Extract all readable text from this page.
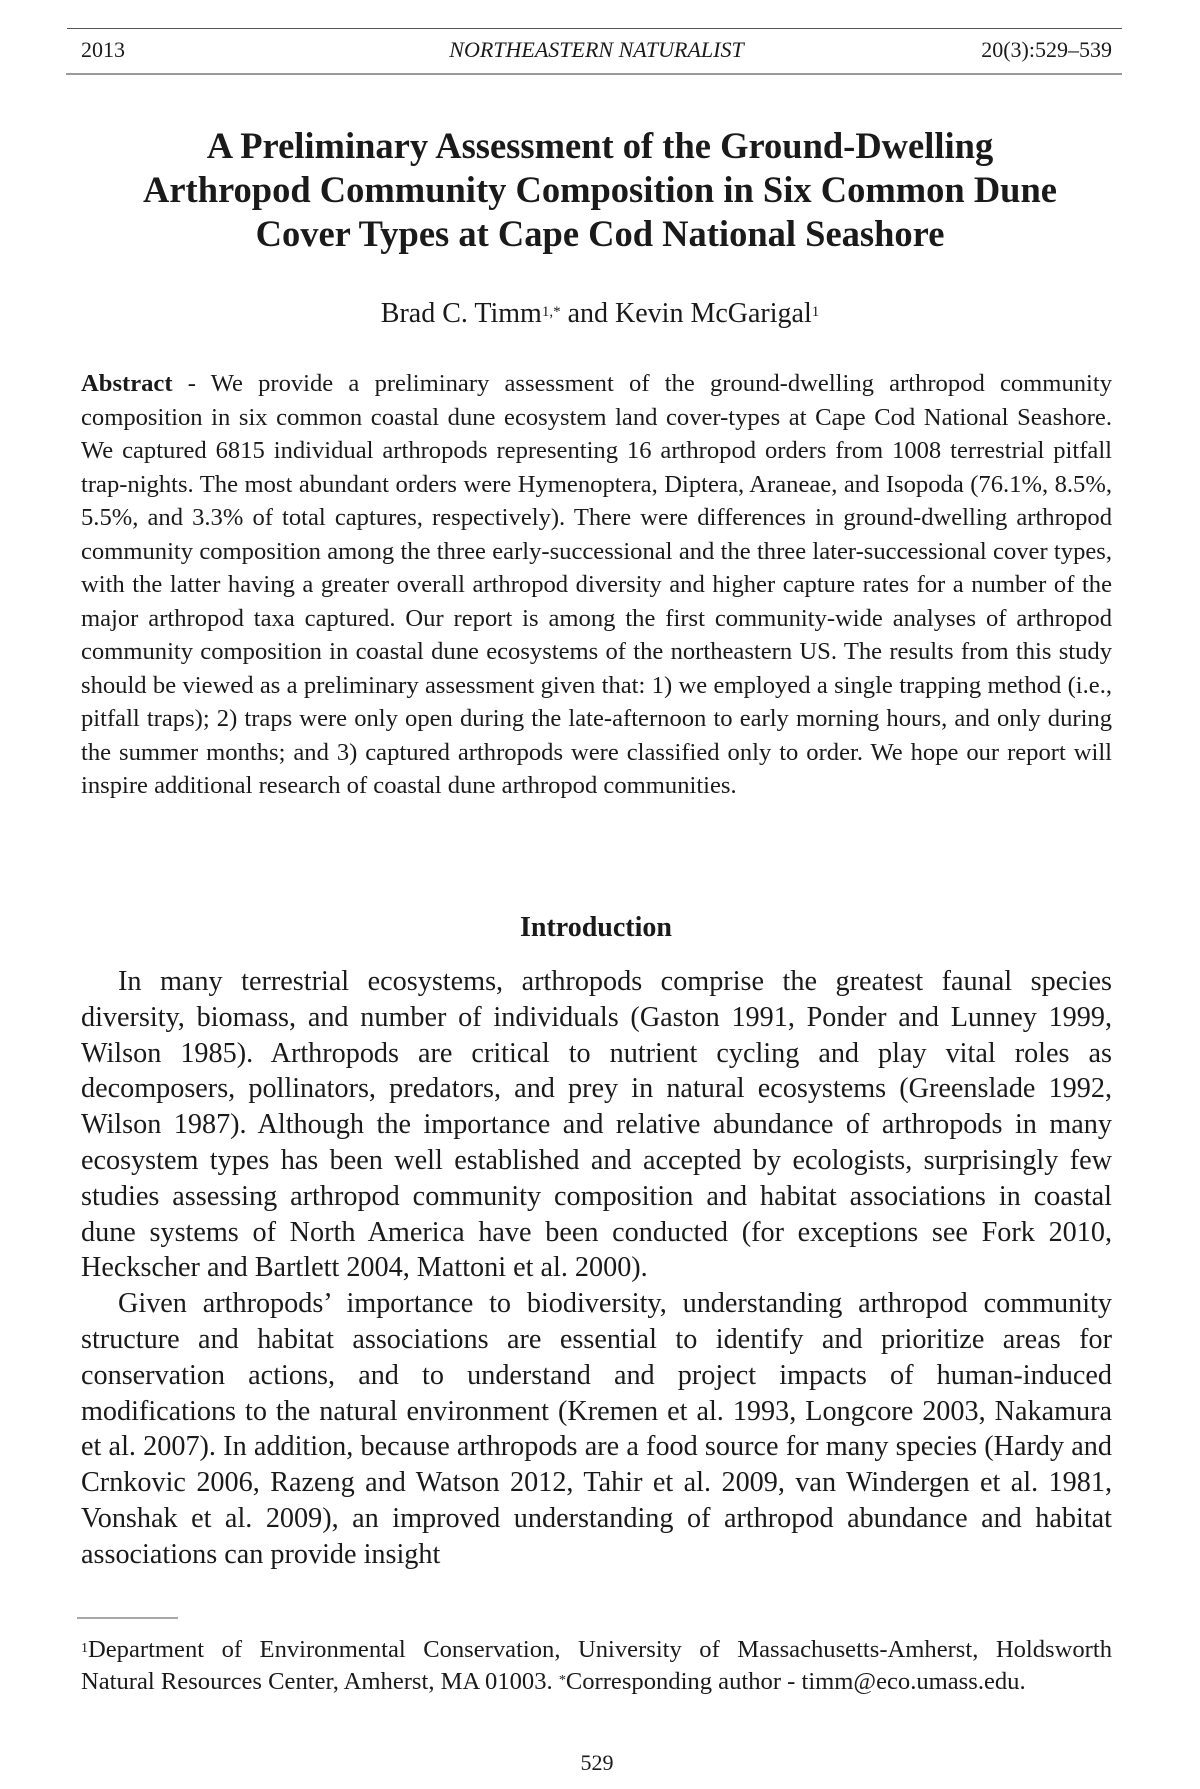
2013	NORTHEASTERN NATURALIST	20(3):529–539
A Preliminary Assessment of the Ground-Dwelling
Arthropod Community Composition in Six Common Dune
Cover Types at Cape Cod National Seashore
Brad C. Timm$^{1,*}$ and Kevin McGarigal$^1$

Abstract - We provide a preliminary assessment of the ground-dwelling arthropod community composition in six common coastal dune ecosystem land cover-types at Cape Cod National Seashore. We captured 6815 individual arthropods representing 16 arthropod orders from 1008 terrestrial pitfall trap-nights. The most abundant orders were Hymenoptera, Diptera, Araneae, and Isopoda (76.1%, 8.5%, 5.5%, and 3.3% of total captures, respectively). There were differences in ground-dwelling arthropod community composition among the three early-successional and the three later-successional cover types, with the latter having a greater overall arthropod diversity and higher capture rates for a number of the major arthropod taxa captured. Our report is among the first community-wide analyses of arthropod community composition in coastal dune ecosystems of the northeastern US. The results from this study should be viewed as a preliminary assessment given that: 1) we employed a single trapping method (i.e., pitfall traps); 2) traps were only open during the late-afternoon to early morning hours, and only during the summer months; and 3) captured arthropods were classified only to order. We hope our report will inspire additional research of coastal dune arthropod communities.

Introduction

In many terrestrial ecosystems, arthropods comprise the greatest faunal species diversity, biomass, and number of individuals (Gaston 1991, Ponder and Lunney 1999, Wilson 1985). Arthropods are critical to nutrient cycling and play vital roles as decomposers, pollinators, predators, and prey in natural ecosystems (Greenslade 1992, Wilson 1987). Although the importance and relative abundance of arthropods in many ecosystem types has been well established and accepted by ecologists, surprisingly few studies assessing arthropod community composition and habitat associations in coastal dune systems of North America have been conducted (for exceptions see Fork 2010, Heckscher and Bartlett 2004, Mattoni et al. 2000).

Given arthropods’ importance to biodiversity, understanding arthropod community structure and habitat associations are essential to identify and prioritize areas for conservation actions, and to understand and project impacts of human-induced modifications to the natural environment (Kremen et al. 1993, Longcore 2003, Nakamura et al. 2007). In addition, because arthropods are a food source for many species (Hardy and Crnkovic 2006, Razeng and Watson 2012, Tahir et al. 2009, van Windergen et al. 1981, Vonshak et al. 2009), an improved understanding of arthropod abundance and habitat associations can provide insight

$^1$Department of Environmental Conservation, University of Massachusetts-Amherst, Holdsworth Natural Resources Center, Amherst, MA 01003. *Corresponding author - timm@eco.umass.edu.
529
